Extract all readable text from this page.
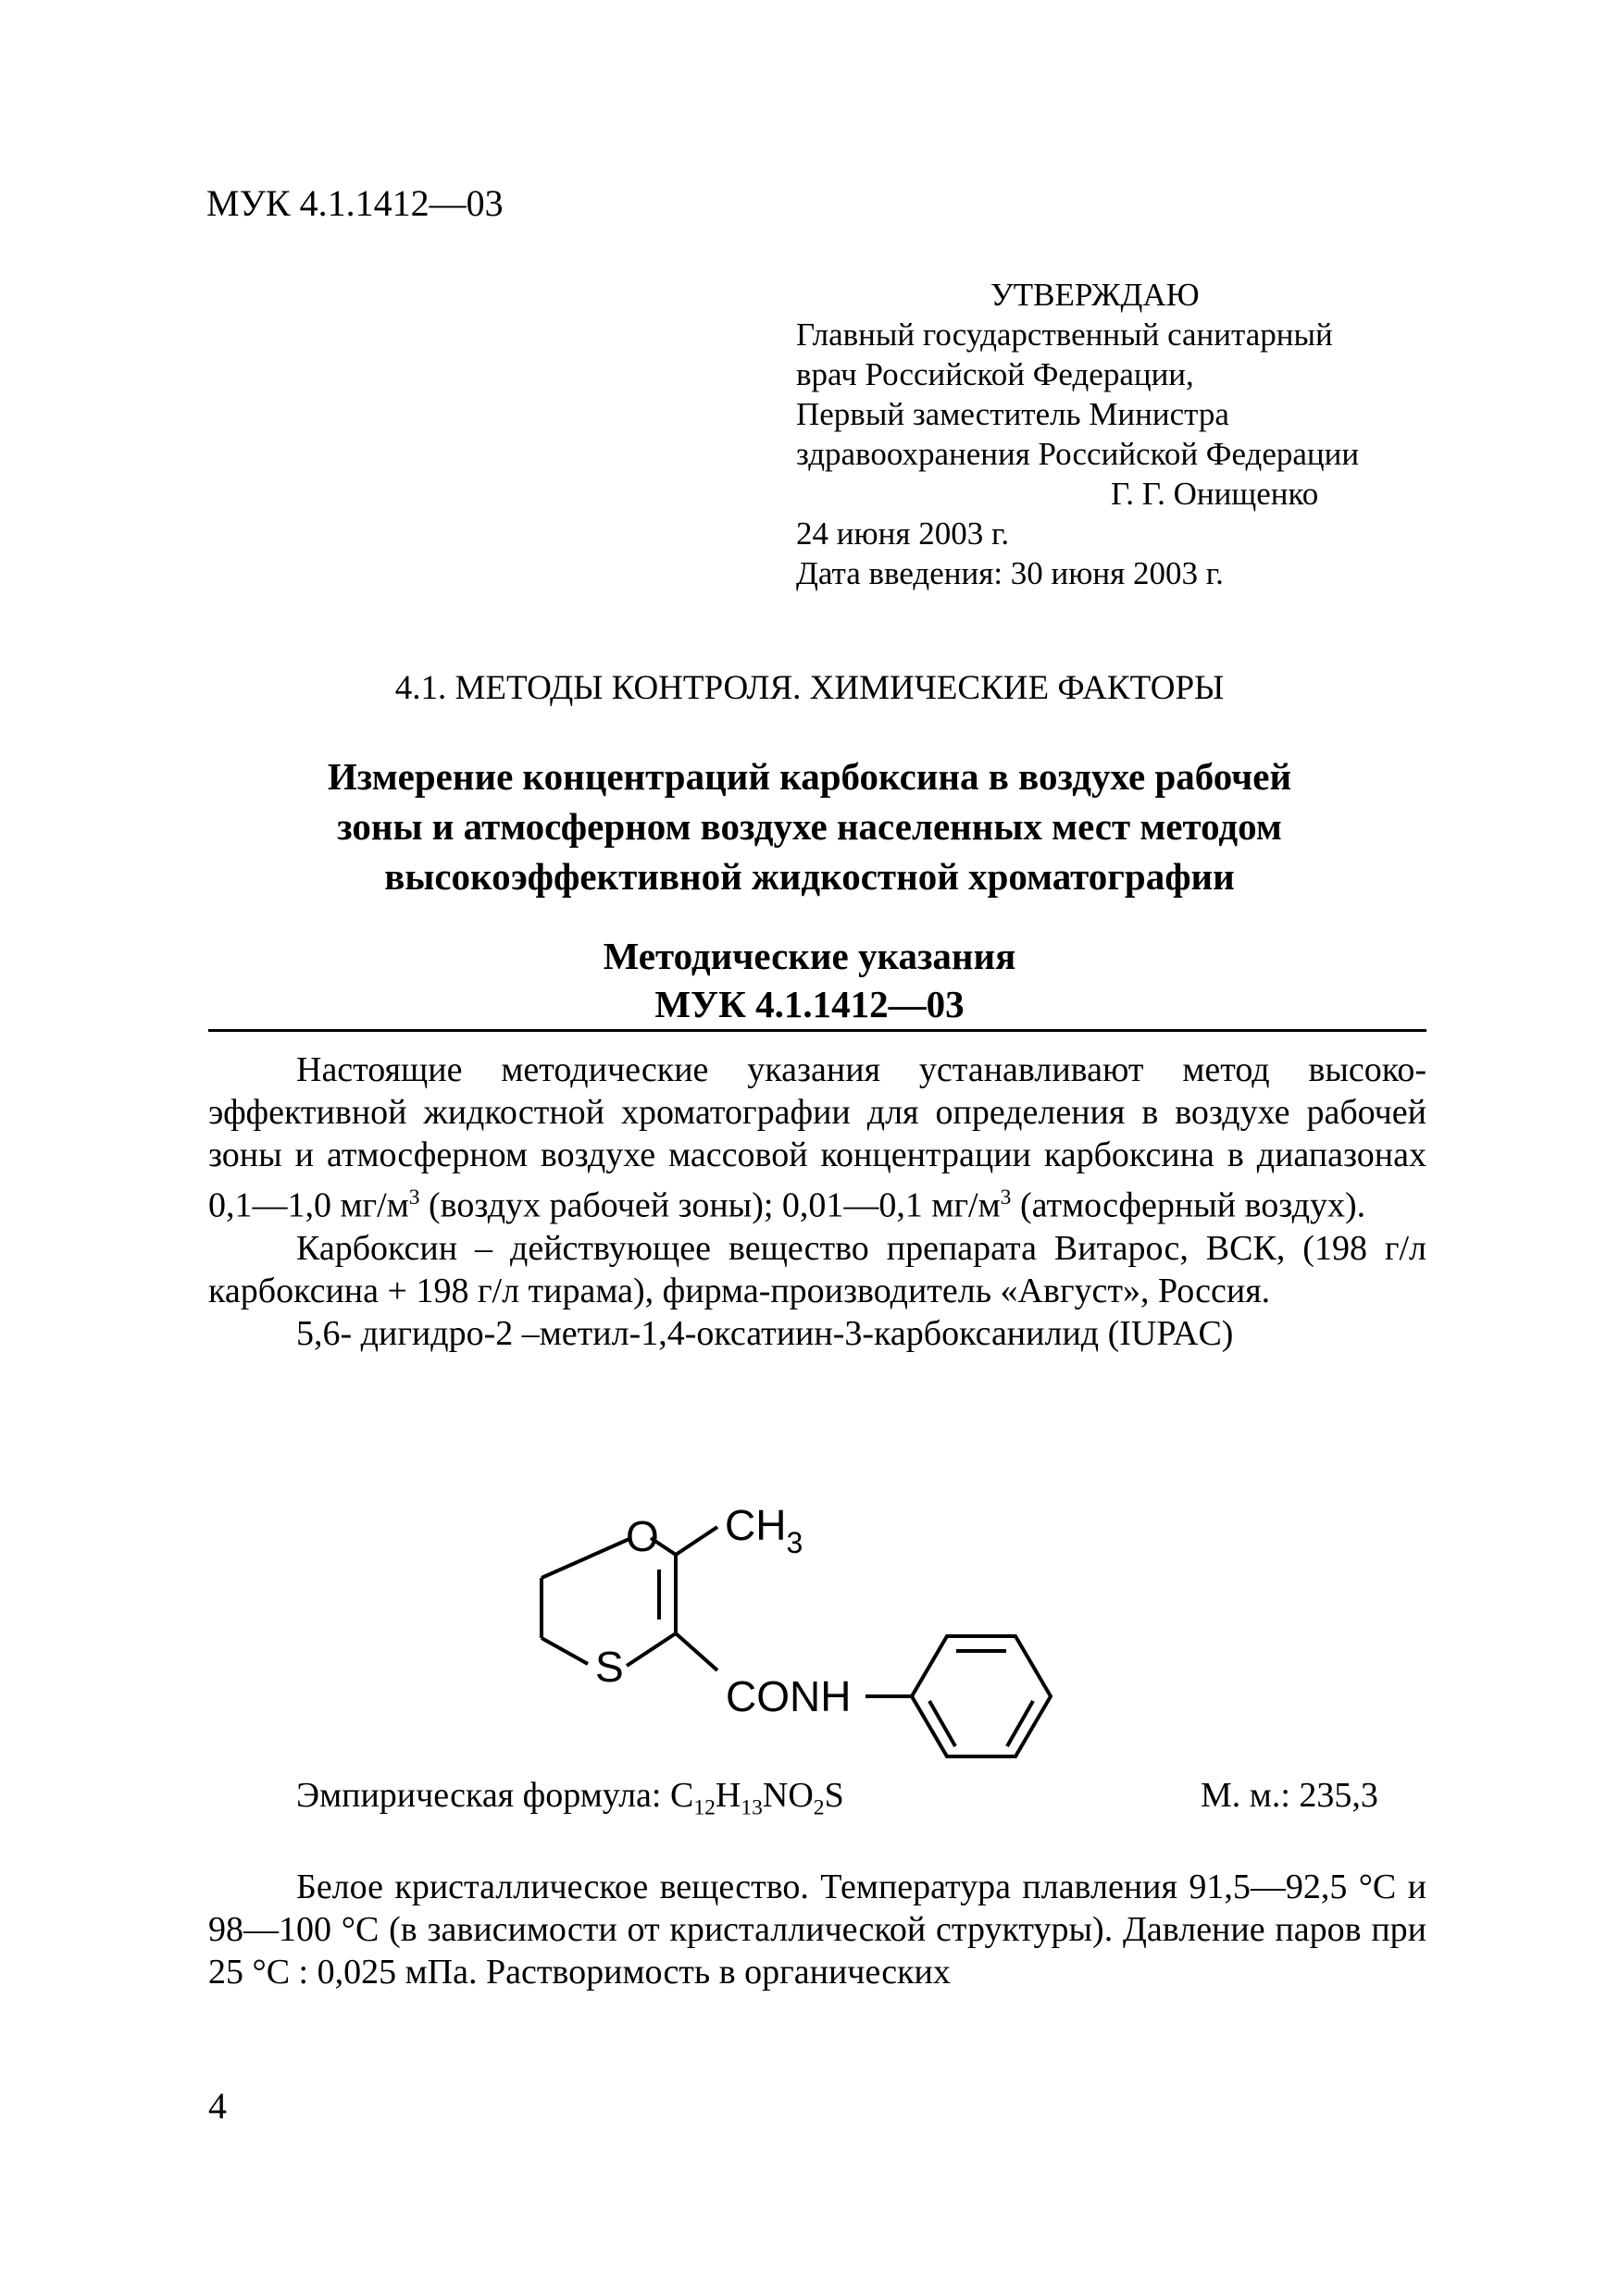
МУК 4.1.1412—03
УТВЕРЖДАЮ
Главный государственный санитарный
врач Российской Федерации,
Первый заместитель Министра
здравоохранения Российской Федерации
Г. Г. Онищенко
24 июня 2003 г.
Дата введения: 30 июня 2003 г.
4.1. МЕТОДЫ КОНТРОЛЯ. ХИМИЧЕСКИЕ ФАКТОРЫ
Измерение концентраций карбоксина в воздухе рабочей
зоны и атмосферном воздухе населенных мест методом
высокоэффективной жидкостной хроматографии
Методические указания
МУК 4.1.1412—03

Настоящие методические указания устанавливают метод высокоэффективной жидкостной хроматографии для определения в воздухе рабочей зоны и атмосферном воздухе массовой концентрации карбоксина в диапазонах 0,1—1,0 $мг/м^3$ (воздух рабочей зоны); 0,01—0,1 $мг/м^3$ (атмосферный воздух).

Карбоксин – действующее вещество препарата Витарос, ВСК, (198 г/л карбоксина + 198 г/л тирама), фирма-производитель «Август», Россия.

5,6- дигидро-2 –метил-1,4-оксатиин-3-карбоксанилид (IUPAC)

O $CH_3$
S
CONH
Эмпирическая формула: $C_{12}H_{13}NO_2S$	М. м.: 235,3

Белое кристаллическое вещество. Температура плавления 91,5—92,5 °С и 98—100 °С (в зависимости от кристаллической структуры). Давление паров при 25 °С : 0,025 мПа. Растворимость в органических

4
